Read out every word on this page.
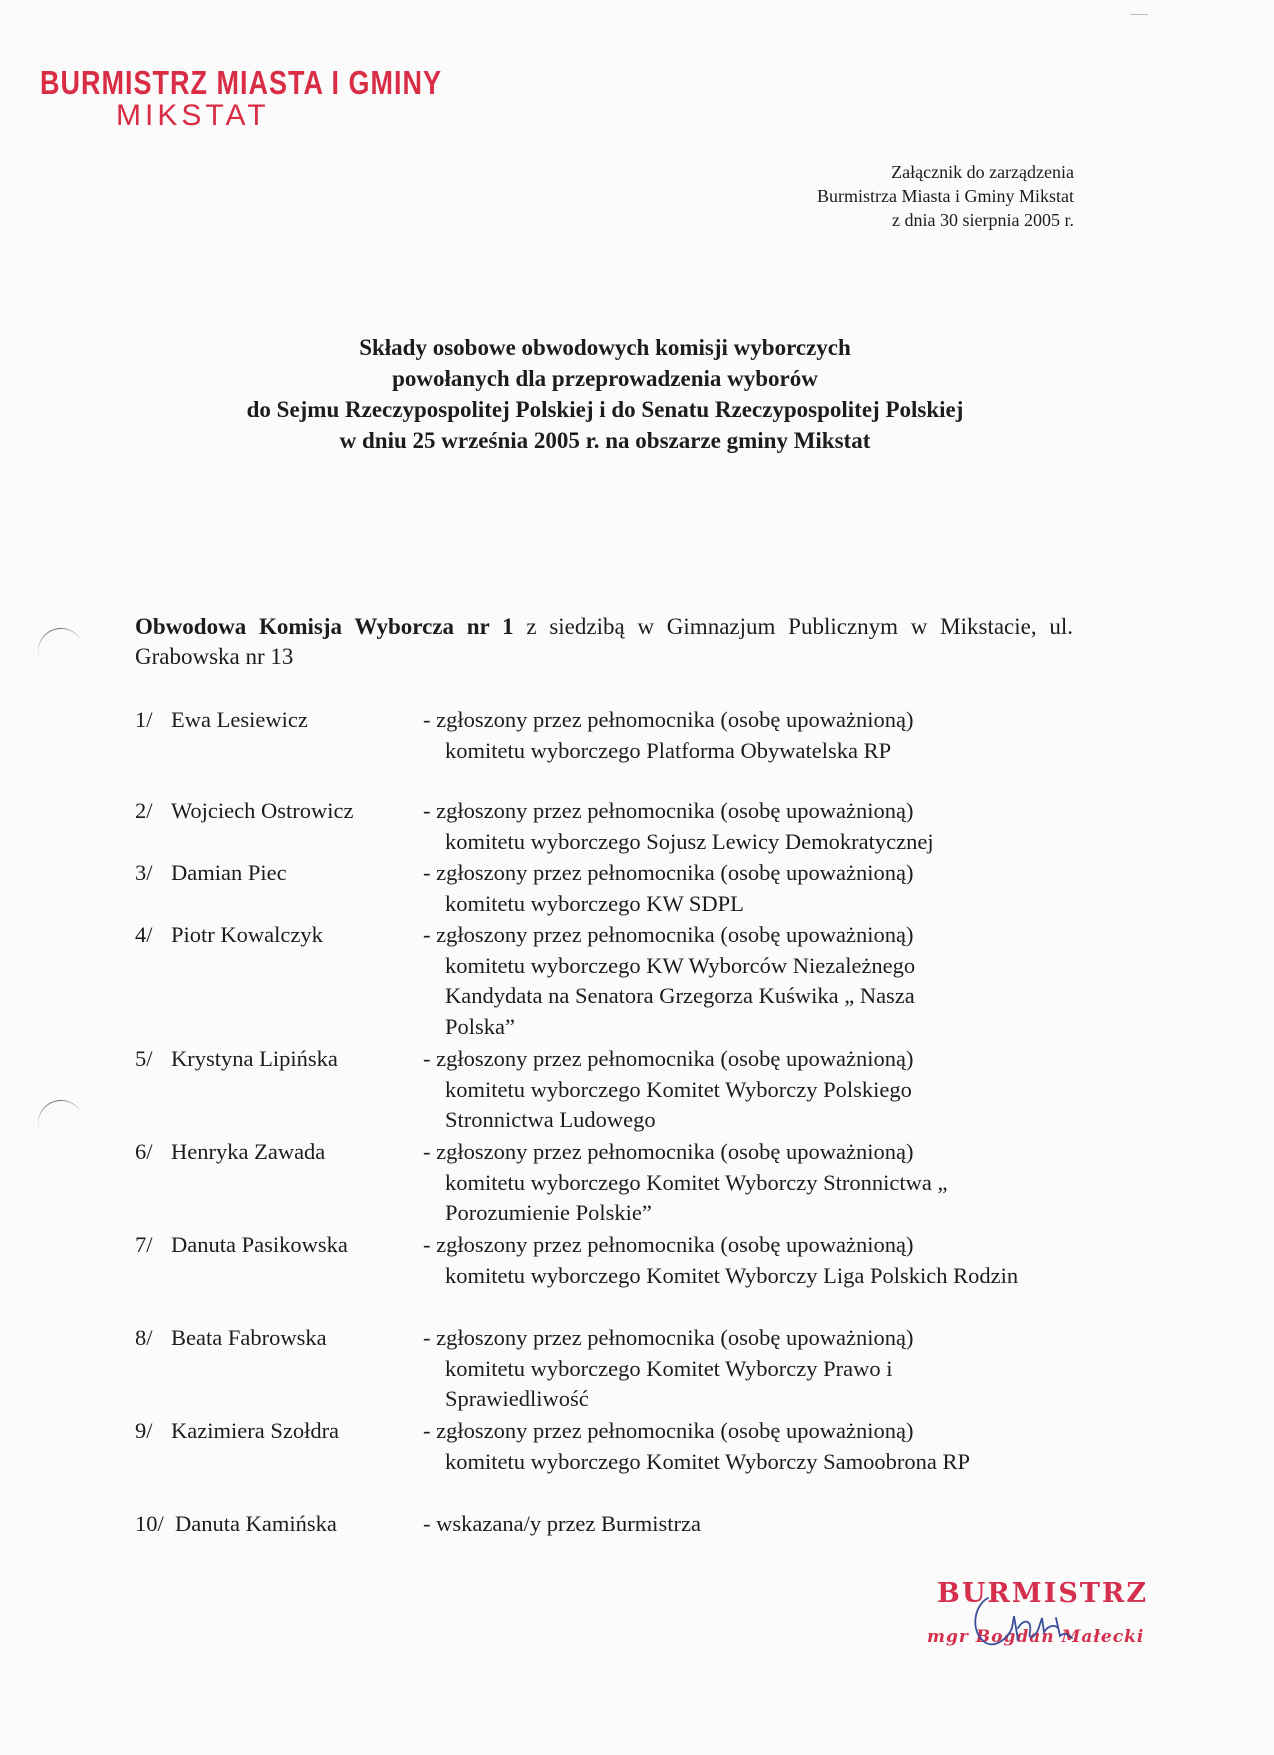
BURMISTRZ MIASTA I GMINY
MIKSTAT
Załącznik do zarządzenia
Burmistrza Miasta i Gminy Mikstat
z dnia 30 sierpnia 2005 r.
Składy osobowe obwodowych komisji wyborczych
powołanych dla przeprowadzenia wyborów
do Sejmu Rzeczypospolitej Polskiej i do Senatu Rzeczypospolitej Polskiej
w dniu 25 września 2005 r. na obszarze gminy Mikstat
Obwodowa Komisja Wyborcza nr 1 z siedzibą w Gimnazjum Publicznym w Mikstacie, ul. Grabowska nr 13
1/ Ewa Lesiewicz	- zgłoszony przez pełnomocnika (osobę upoważnioną)
komitetu wyborczego Platforma Obywatelska RP
2/ Wojciech Ostrowicz	- zgłoszony przez pełnomocnika (osobę upoważnioną)
komitetu wyborczego Sojusz Lewicy Demokratycznej
3/ Damian Piec	- zgłoszony przez pełnomocnika (osobę upoważnioną)
komitetu wyborczego KW SDPL
4/ Piotr Kowalczyk	- zgłoszony przez pełnomocnika (osobę upoważnioną)
komitetu wyborczego KW Wyborców Niezależnego Kandydata na Senatora Grzegorza Kuświka „ Nasza Polska”
5/ Krystyna Lipińska	- zgłoszony przez pełnomocnika (osobę upoważnioną)
komitetu wyborczego Komitet Wyborczy Polskiego Stronnictwa Ludowego
6/ Henryka Zawada	- zgłoszony przez pełnomocnika (osobę upoważnioną)
komitetu wyborczego Komitet Wyborczy Stronnictwa „ Porozumienie Polskie”
7/ Danuta Pasikowska	- zgłoszony przez pełnomocnika (osobę upoważnioną)
komitetu wyborczego Komitet Wyborczy Liga Polskich Rodzin
8/ Beata Fabrowska	- zgłoszony przez pełnomocnika (osobę upoważnioną)
komitetu wyborczego Komitet Wyborczy Prawo i Sprawiedliwość
9/ Kazimiera Szołdra	- zgłoszony przez pełnomocnika (osobę upoważnioną)
komitetu wyborczego Komitet Wyborczy Samoobrona RP
10/ Danuta Kamińska	- wskazana/y przez Burmistrza
BURMISTRZ
mgr Bogdan Małecki
